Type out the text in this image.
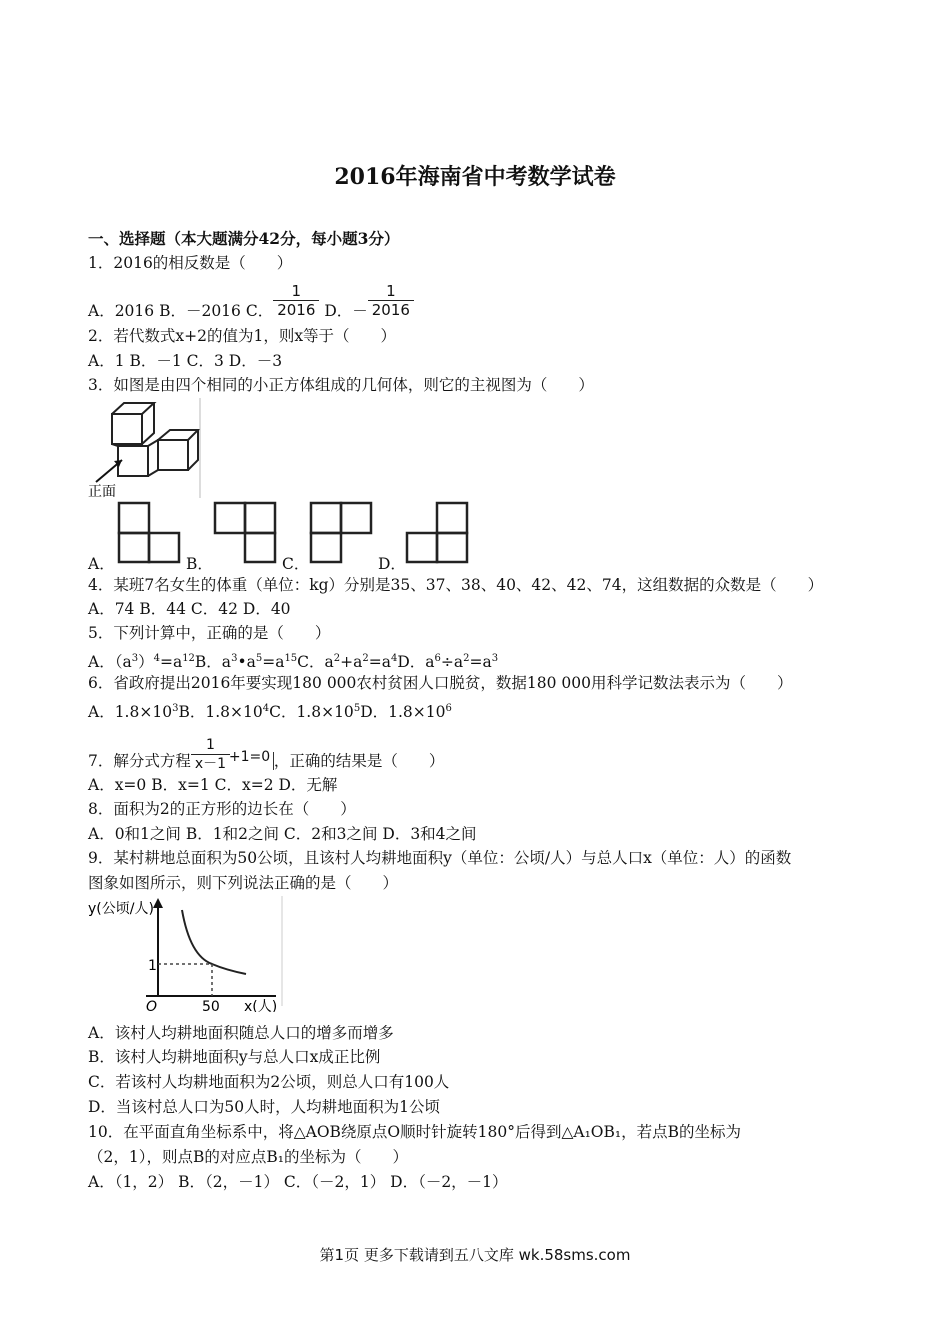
2016年海南省中考数学试卷
一、选择题（本大题满分42分，每小题3分）
1．2016的相反数是（　　）
A．2016 B．－2016 C． $\frac{1}{2016}$ D．－ $\frac{1}{2016}$
2．若代数式x+2的值为1，则x等于（　　）
A．1 B．－1 C．3 D．－3
3．如图是由四个相同的小正方体组成的几何体，则它的主视图为（　　）
正面
A．	B．	C．	D．
4．某班7名女生的体重（单位：kg）分别是35、37、38、40、42、42、74，这组数据的众数是（　　）
A．74 B．44 C．42 D．40
5．下列计算中，正确的是（　　）
A．$(a^3)^4=a^{12}B$．$a^3•a^5=a^{15}C$．$a^2+a^2=a^4D$．$a^6\div a^2=a^3$
6．省政府提出2016年要实现180 000农村贫困人口脱贫，数据180 000用科学记数法表示为（　　）
A．$1.8\times 10^3B$．$1.8\times 10^4C$．$1.8\times 10^5D$．$1.8\times 10^6$
7．解分式方程 $\frac{1}{x-1}$
+1=0 ，正确的结果是（　　）
A．x=0 B．x=1 C．x=2 D．无解
8．面积为2的正方形的边长在（　　）
A．0和1之间 B．1和2之间 C．2和3之间 D．3和4之间
9．某村耕地总面积为50公顷，且该村人均耕地面积y（单位：公顷/人）与总人口x（单位：人）的函数
图象如图所示，则下列说法正确的是（　　）
y(公顷/人)
1
O	50 x(人)
A．该村人均耕地面积随总人口的增多而增多
B．该村人均耕地面积y与总人口x成正比例
C．若该村人均耕地面积为2公顷，则总人口有100人
D．当该村总人口为50人时，人均耕地面积为1公顷
10．在平面直角坐标系中，将△AOB绕原点O顺时针旋转180°后得到△A₁OB₁，若点B的坐标为
（2，1），则点B的对应点B₁的坐标为（　　）
A．（1，2） B．（2，－1） C．（－2，1） D．（－2，－1）
第1页 更多下载请到五八文库 wk.58sms.com
